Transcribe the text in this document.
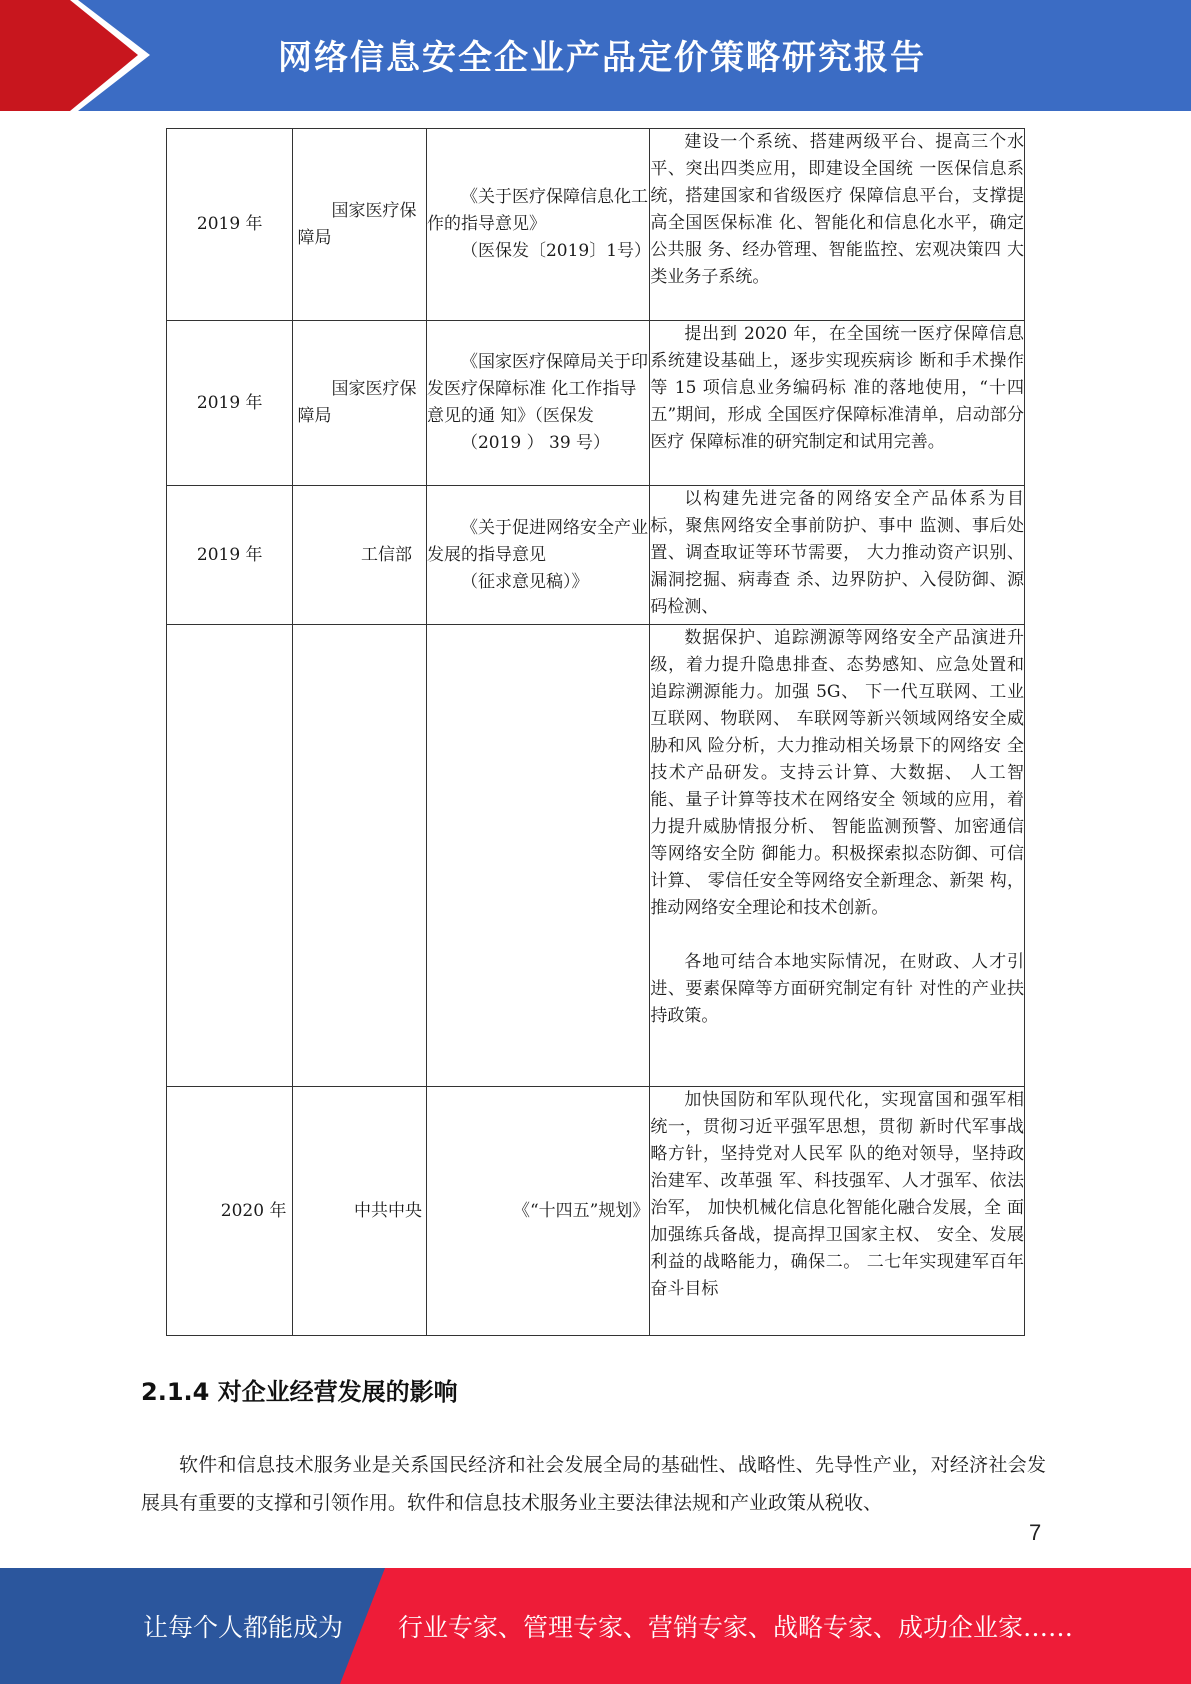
网络信息安全企业产品定价策略研究报告
2019 年	国家医疗保障局	《关于医疗保障信息化工作的指导意见》
（医保发〔2019〕1号）	建设一个系统、搭建两级平台、提高三个水平、突出四类应用，即建设全国统 一医保信息系统，搭建国家和省级医疗 保障信息平台，支撑提高全国医保标准 化、智能化和信息化水平，确定公共服 务、经办管理、智能监控、宏观决策四 大类业务子系统。

2019 年	国家医疗保障局	《国家医疗保障局关于印发医疗保障标准 化工作指导意见的通 知》（医保发
（2019 ） 39 号）	提出到 2020 年，在全国统一医疗保障信息系统建设基础上，逐步实现疾病诊 断和手术操作等 15 项信息业务编码标 准的落地使用，“十四五”期间，形成 全国医疗保障标准清单，启动部分医疗 保障标准的研究制定和试用完善。

2019 年	工信部	《关于促进网络安全产业发展的指导意见
（征求意见稿）》	以构建先进完备的网络安全产品体系为目标，聚焦网络安全事前防护、事中 监测、事后处置、调查取证等环节需要， 大力推动资产识别、漏洞挖掘、病毒查 杀、边界防护、入侵防御、源码检测、

			数据保护、追踪溯源等网络安全产品演进升级，着力提升隐患排查、态势感知、应急处置和追踪溯源能力。加强 5G、 下一代互联网、工业互联网、物联网、 车联网等新兴领域网络安全威胁和风 险分析，大力推动相关场景下的网络安 全技术产品研发。支持云计算、大数据、 人工智能、量子计算等技术在网络安全 领域的应用，着力提升威胁情报分析、 智能监测预警、加密通信等网络安全防 御能力。积极探索拟态防御、可信计算、 零信任安全等网络安全新理念、新架 构，推动网络安全理论和技术创新。
各地可结合本地实际情况，在财政、人才引进、要素保障等方面研究制定有针 对性的产业扶持政策。

2020 年	中共中央	《“十四五”规划》	加快国防和军队现代化，实现富国和强军相统一，贯彻习近平强军思想，贯彻 新时代军事战略方针，坚持党对人民军 队的绝对领导，坚持政治建军、改革强 军、科技强军、人才强军、依法治军， 加快机械化信息化智能化融合发展，全 面加强练兵备战，提高捍卫国家主权、 安全、发展利益的战略能力，确保二。 二七年实现建军百年奋斗目标
2.1.4 对企业经营发展的影响
软件和信息技术服务业是关系国民经济和社会发展全局的基础性、战略性、先导性产业，对经济社会发展具有重要的支撑和引领作用。软件和信息技术服务业主要法律法规和产业政策从税收、
7
让每个人都能成为 行业专家、管理专家、营销专家、战略专家、成功企业家……
